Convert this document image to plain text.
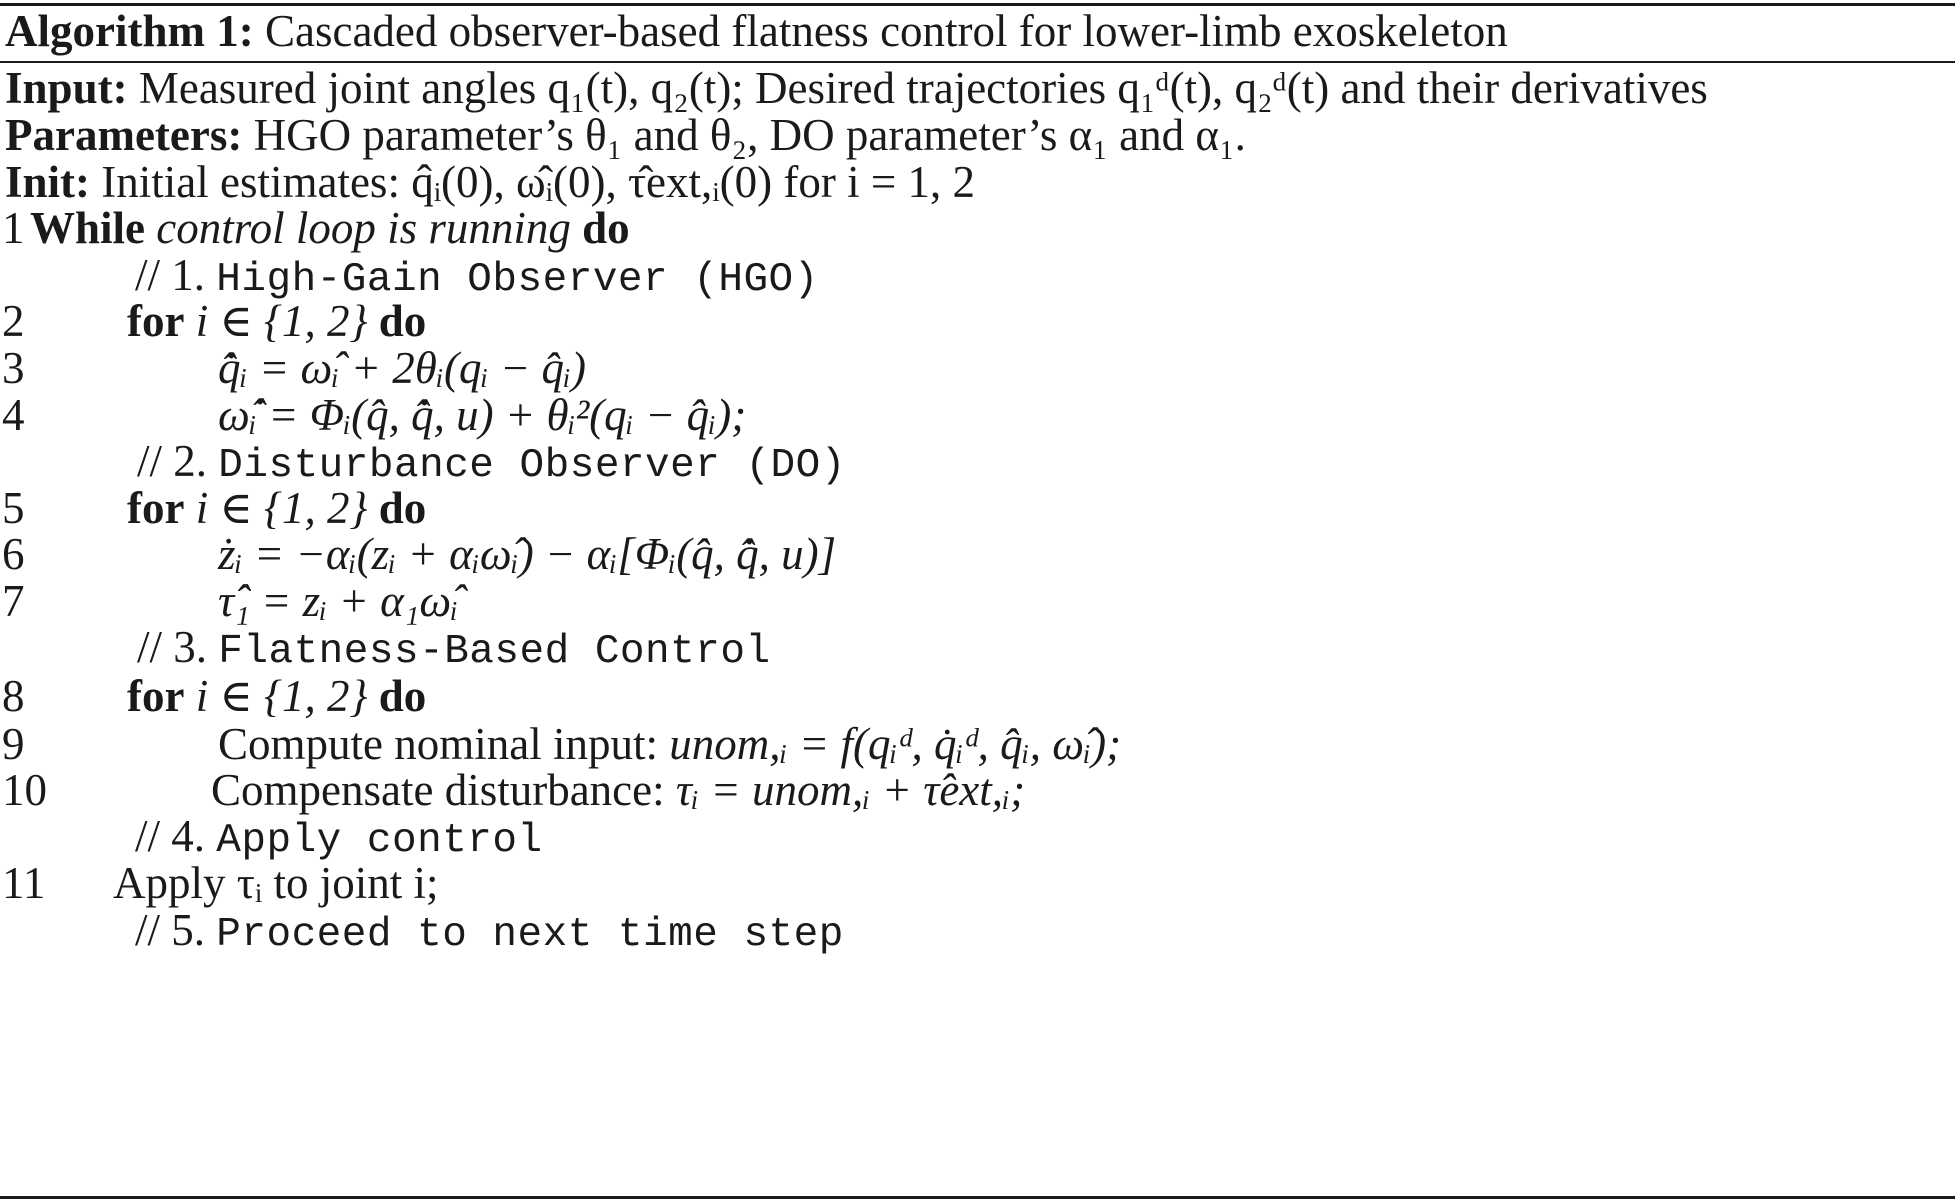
Algorithm 1: Cascaded observer-based flatness control for lower-limb exoskeleton
Input: Measured joint angles q₁(t), q₂(t); Desired trajectories q₁ᵈ(t), q₂ᵈ(t) and their derivatives
Parameters: HGO parameter’s θ₁ and θ₂, DO parameter’s α₁ and α₁.
Init: Initial estimates: q̂ᵢ(0), ω̂ᵢ(0), τ̂ext,ᵢ(0) for i = 1, 2
1 While control loop is running do
// 1. High-Gain Observer (HGO)
2 for i ∈ {1, 2} do
3	q̂̇ᵢ = ω̂ᵢ + 2θᵢ(qᵢ − q̂ᵢ)
4	ω̂̇ᵢ = Φᵢ(q̂, q̂̇, u) + θᵢ²(qᵢ − q̂ᵢ);
// 2. Disturbance Observer (DO)
5 for i ∈ {1, 2} do
6	żᵢ = −αᵢ(zᵢ + αᵢω̂ᵢ) − αᵢ[Φᵢ(q̂, q̂̇, u)]
7	τ̂̂₁ = zᵢ + α₁ω̂ᵢ
// 3. Flatness-Based Control
8 for i ∈ {1, 2} do
9	Compute nominal input: unom,ᵢ = f(qᵢᵈ, q̇ᵢᵈ, q̂ᵢ, ω̂ᵢ);
10	Compensate disturbance: τᵢ = unom,ᵢ + τ̂ext,ᵢ;
// 4. Apply control
11 Apply τᵢ to joint i;
// 5. Proceed to next time step
